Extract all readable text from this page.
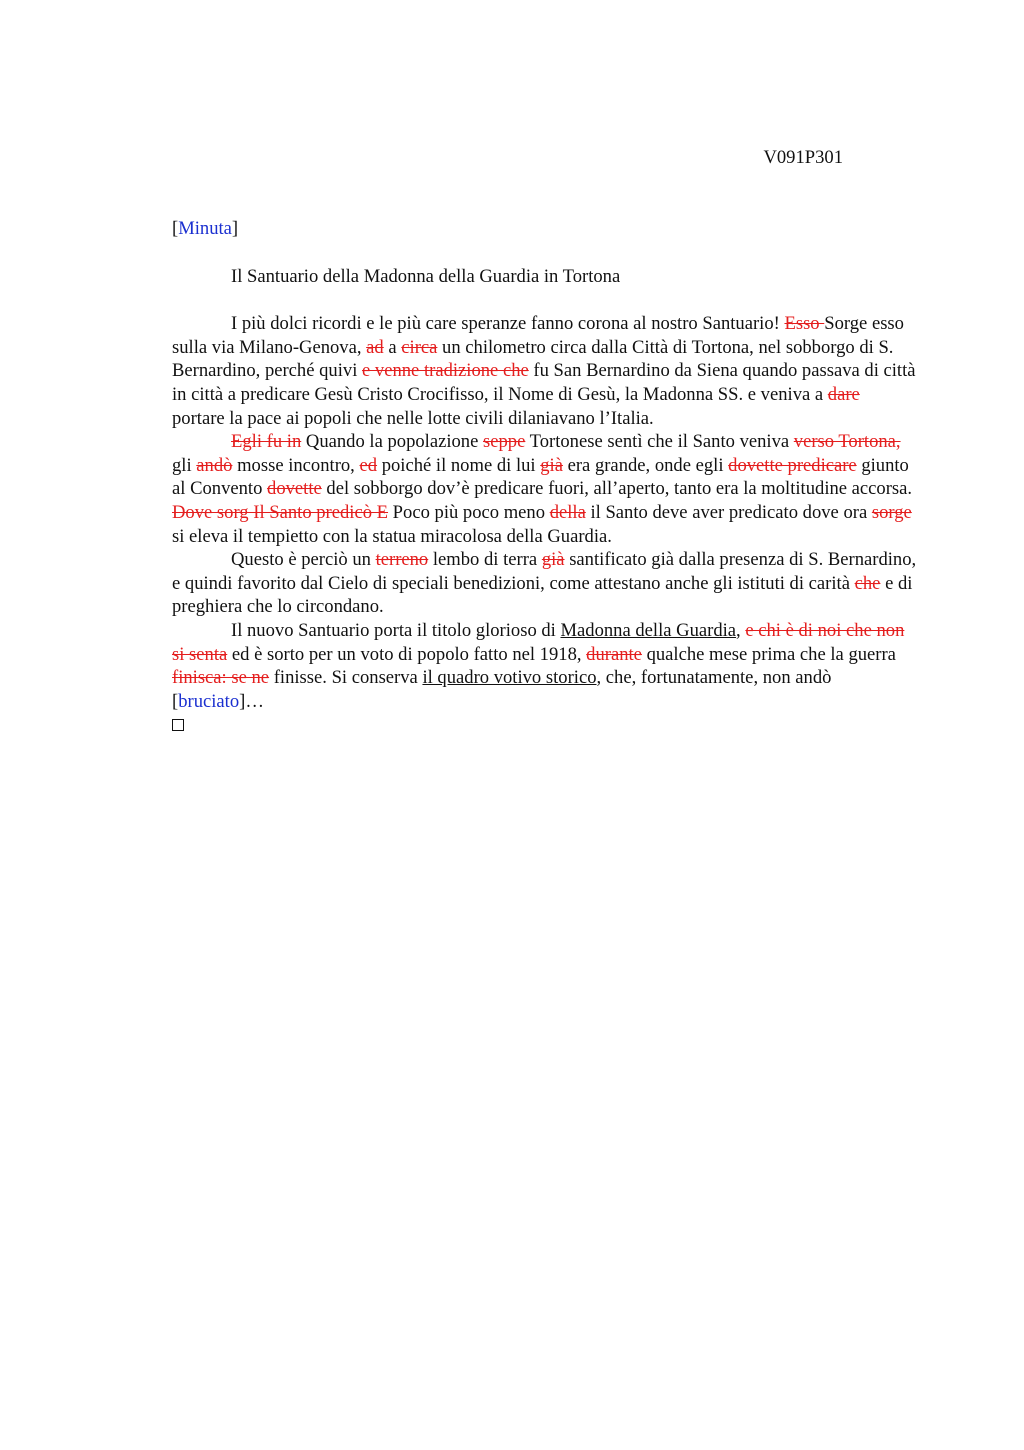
V091P301
[Minuta]
Il Santuario della Madonna della Guardia in Tortona

I più dolci ricordi e le più care speranze fanno corona al nostro Santuario! Esso Sorge esso sulla via Milano-Genova, ad a circa un chilometro circa dalla Città di Tortona, nel sobborgo di S. Bernardino, perché quivi e venne tradizione che fu San Bernardino da Siena quando passava di città in città a predicare Gesù Cristo Crocifisso, il Nome di Gesù, la Madonna SS. e veniva a dare portare la pace ai popoli che nelle lotte civili dilaniavano l’Italia.

Egli fu in Quando la popolazione seppe Tortonese sentì che il Santo veniva verso Tortona, gli andò mosse incontro, ed poiché il nome di lui già era grande, onde egli dovette predicare giunto al Convento dovette del sobborgo dov’è predicare fuori, all’aperto, tanto era la moltitudine accorsa. Dove sorg Il Santo predicò E Poco più poco meno della il Santo deve aver predicato dove ora sorge si eleva il tempietto con la statua miracolosa della Guardia.

Questo è perciò un terreno lembo di terra già santificato già dalla presenza di S. Bernardino, e quindi favorito dal Cielo di speciali benedizioni, come attestano anche gli istituti di carità che e di preghiera che lo circondano.

Il nuovo Santuario porta il titolo glorioso di Madonna della Guardia, e chi è di noi che non si senta ed è sorto per un voto di popolo fatto nel 1918, durante qualche mese prima che la guerra finisca: se ne finisse. Si conserva il quadro votivo storico, che, fortunatamente, non andò [bruciato]…
